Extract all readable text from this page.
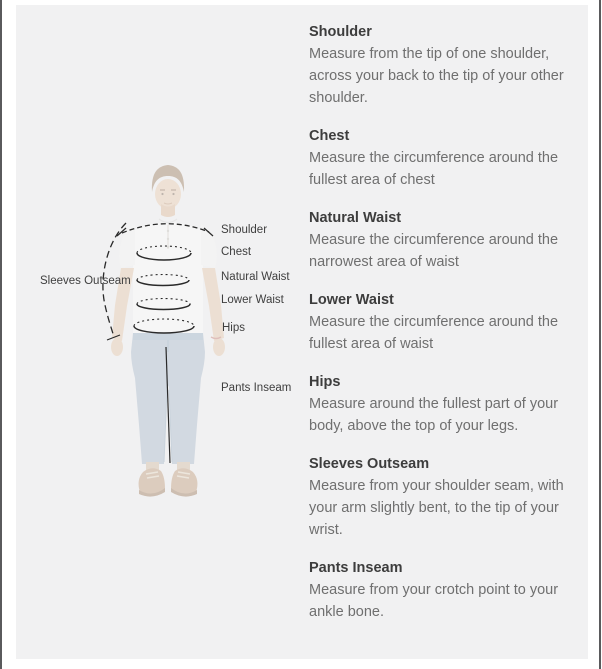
Shoulder
Chest
Natural Waist
Lower Waist
Hips
Sleeves Outseam
Pants Inseam
Shoulder

Measure from the tip of one shoulder, across your back to the tip of your other shoulder.

Chest

Measure the circumference around the fullest area of chest

Natural Waist

Measure the circumference around the narrowest area of waist

Lower Waist

Measure the circumference around the fullest area of waist

Hips

Measure around the fullest part of your body, above the top of your legs.

Sleeves Outseam

Measure from your shoulder seam, with your arm slightly bent, to the tip of your wrist.

Pants Inseam

Measure from your crotch point to your ankle bone.
